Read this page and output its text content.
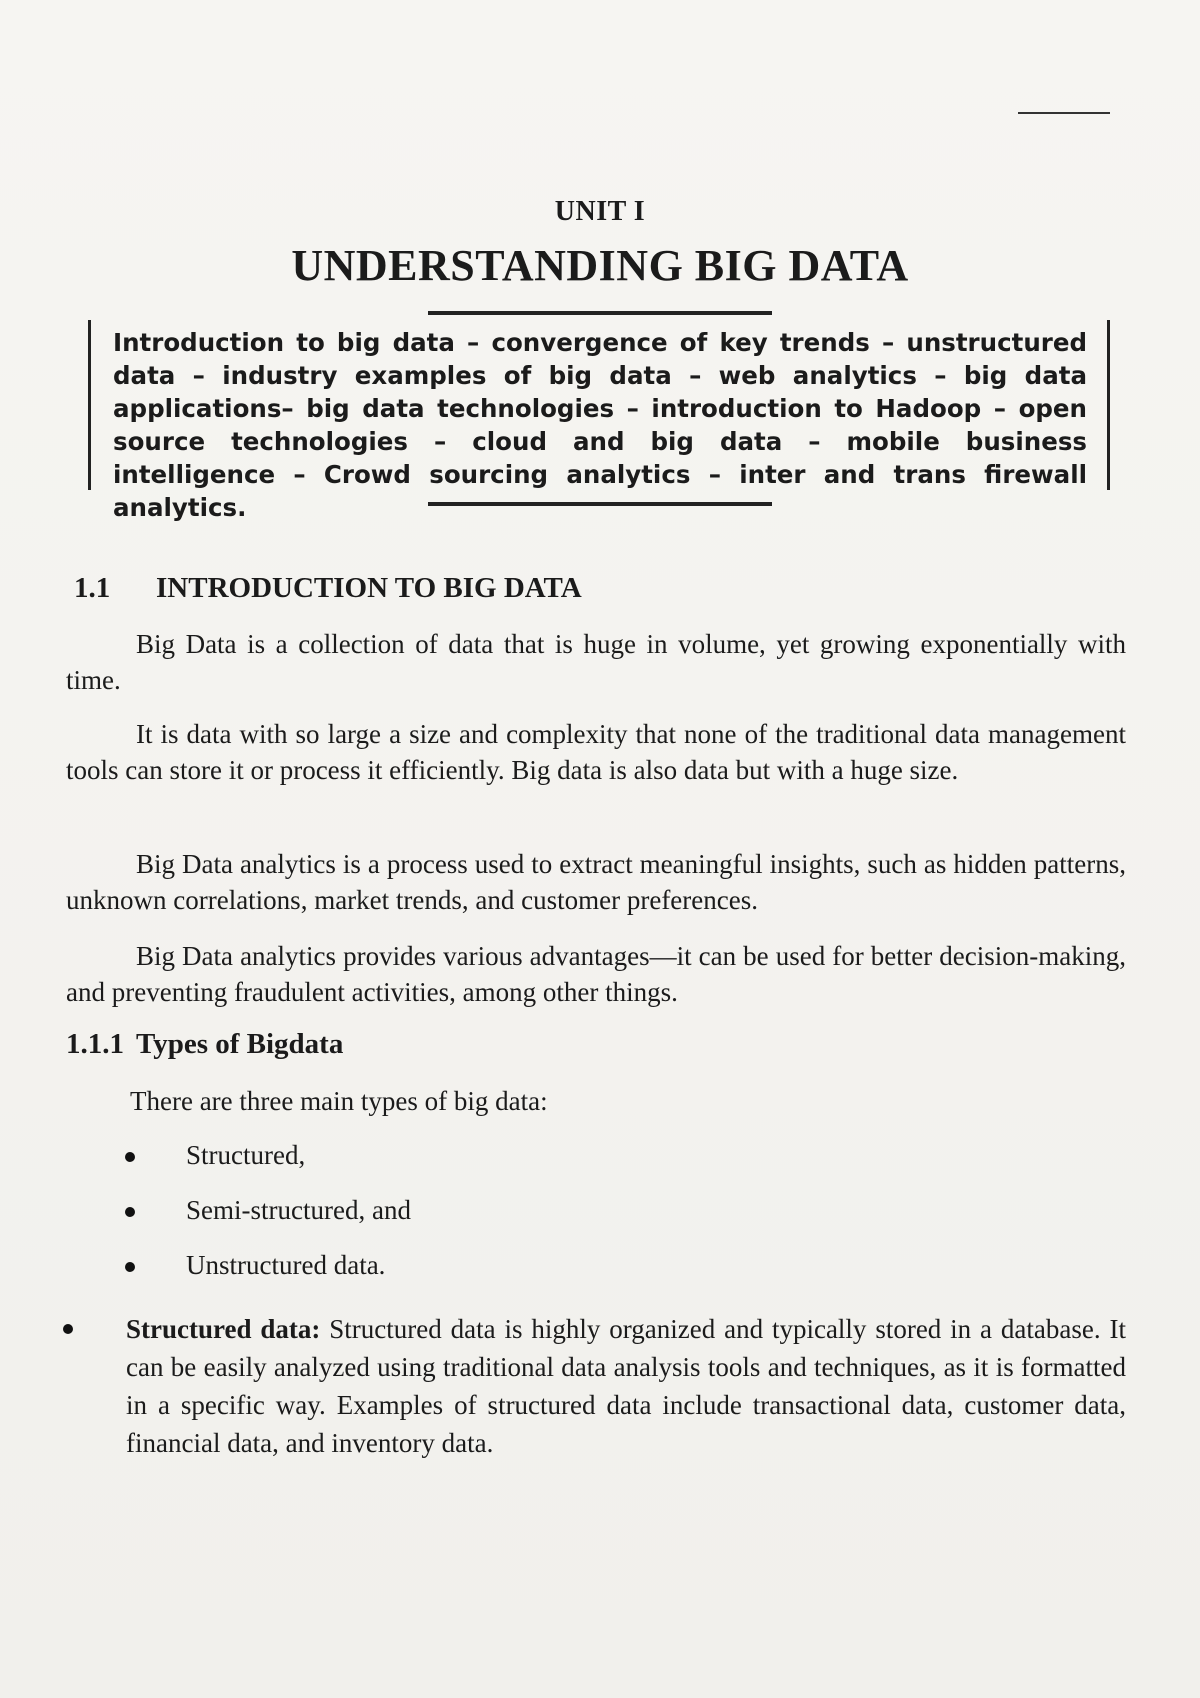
UNIT I
UNDERSTANDING BIG DATA
Introduction to big data – convergence of key trends – unstructured data – industry examples of big data – web analytics – big data applications– big data technologies – introduction to Hadoop – open source technologies – cloud and big data – mobile business intelligence – Crowd sourcing analytics – inter and trans firewall analytics.
1.1 INTRODUCTION TO BIG DATA

Big Data is a collection of data that is huge in volume, yet growing exponentially with time.

It is data with so large a size and complexity that none of the traditional data management tools can store it or process it efficiently. Big data is also data but with a huge size.

Big Data analytics is a process used to extract meaningful insights, such as hidden patterns, unknown correlations, market trends, and customer preferences.

Big Data analytics provides various advantages—it can be used for better decision-making, and preventing fraudulent activities, among other things.

1.1.1 Types of Bigdata
There are three main types of big data:
Structured,
Semi-structured, and
Unstructured data.
Structured data: Structured data is highly organized and typically stored in a database. It can be easily analyzed using traditional data analysis tools and techniques, as it is formatted in a specific way. Examples of structured data include transactional data, customer data, financial data, and inventory data.
